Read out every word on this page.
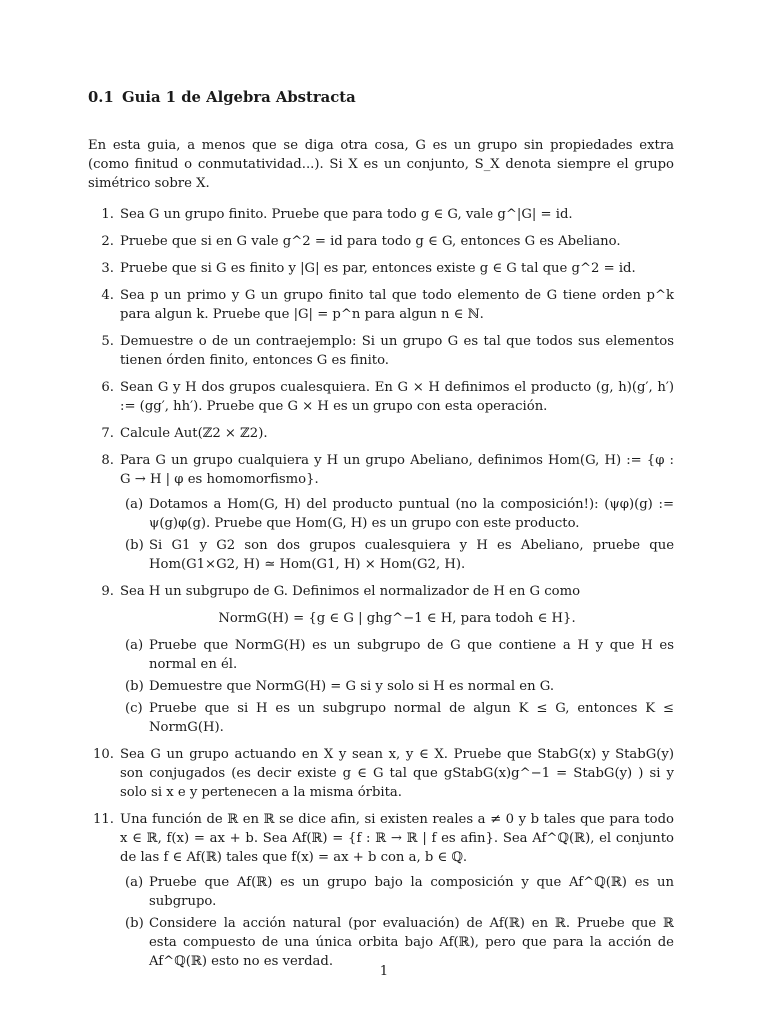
0.1 Guia 1 de Algebra Abstracta

En esta guia, a menos que se diga otra cosa, G es un grupo sin propiedades extra (como finitud o conmutatividad...). Si X es un conjunto, S_X denota siempre el grupo simétrico sobre X.

1. Sea G un grupo finito. Pruebe que para todo g ∈ G, vale g^|G| = id.
2. Pruebe que si en G vale g^2 = id para todo g ∈ G, entonces G es Abeliano.
3. Pruebe que si G es finito y |G| es par, entonces existe g ∈ G tal que g^2 = id.
4. Sea p un primo y G un grupo finito tal que todo elemento de G tiene orden p^k para algun k. Pruebe que |G| = p^n para algun n ∈ ℕ.
5. Demuestre o de un contraejemplo: Si un grupo G es tal que todos sus elementos tienen órden finito, entonces G es finito.
6. Sean G y H dos grupos cualesquiera. En G × H definimos el producto (g, h)(g′, h′) := (gg′, hh′). Pruebe que G × H es un grupo con esta operación.
7. Calcule Aut(ℤ2 × ℤ2).
8. Para G un grupo cualquiera y H un grupo Abeliano, definimos Hom(G, H) := {φ : G → H | φ es homomorfismo}.
(a) Dotamos a Hom(G, H) del producto puntual (no la composición!): (ψφ)(g) := ψ(g)φ(g). Pruebe que Hom(G, H) es un grupo con este producto.
(b) Si G1 y G2 son dos grupos cualesquiera y H es Abeliano, pruebe que Hom(G1×G2, H) ≃ Hom(G1, H) × Hom(G2, H).
9. Sea H un subgrupo de G. Definimos el normalizador de H en G como
NormG(H) = {g ∈ G | ghg^−1 ∈ H, para todoh ∈ H}.
(a) Pruebe que NormG(H) es un subgrupo de G que contiene a H y que H es normal en él.
(b) Demuestre que NormG(H) = G si y solo si H es normal en G.
(c) Pruebe que si H es un subgrupo normal de algun K ≤ G, entonces K ≤ NormG(H).
10. Sea G un grupo actuando en X y sean x, y ∈ X. Pruebe que StabG(x) y StabG(y) son conjugados (es decir existe g ∈ G tal que gStabG(x)g^−1 = StabG(y) ) si y solo si x e y pertenecen a la misma órbita.
11. Una función de ℝ en ℝ se dice afin, si existen reales a ≠ 0 y b tales que para todo x ∈ ℝ, f(x) = ax + b. Sea Af(ℝ) = {f : ℝ → ℝ | f es afin}. Sea Af^ℚ(ℝ), el conjunto de las f ∈ Af(ℝ) tales que f(x) = ax + b con a, b ∈ ℚ.
(a) Pruebe que Af(ℝ) es un grupo bajo la composición y que Af^ℚ(ℝ) es un subgrupo.
(b) Considere la acción natural (por evaluación) de Af(ℝ) en ℝ. Pruebe que ℝ esta compuesto de una única orbita bajo Af(ℝ), pero que para la acción de Af^ℚ(ℝ) esto no es verdad.
1
